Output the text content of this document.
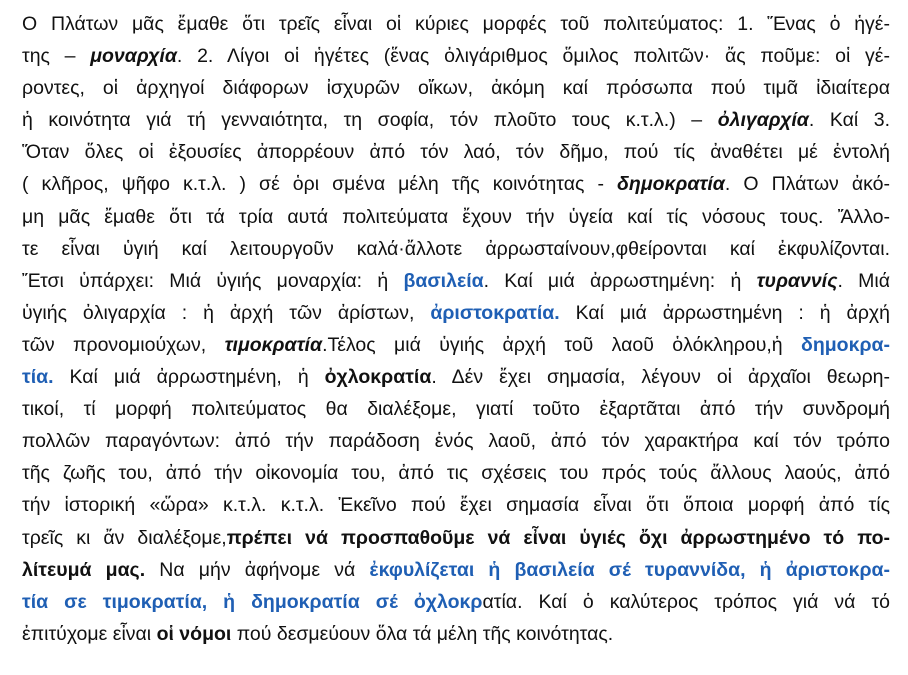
Ο Πλάτων μᾶς ἔμαθε ὅτι τρεῖς εἶναι οἱ κύριες μορφές τοῦ πολιτεύματος: 1. Ἕνας ὁ ἡγέ-
της – μοναρχία. 2. Λίγοι οἱ ἡγέτες (ἕνας ὀλιγάριθμος ὅμιλος πολιτῶν· ἄς ποῦμε: οἱ γέ-
ροντες, οἱ ἀρχηγοί διάφορων ἰσχυρῶν οἴκων, ἀκόμη καί πρόσωπα πού τιμᾶ ἰδιαίτερα
ἡ κοινότητα γιά τή γενναιότητα, τη σοφία, τόν πλοῦτο τους κ.τ.λ.) – ὀλιγαρχία. Καί 3.
Ὅταν ὅλες οἱ ἐξουσίες ἀπορρέουν ἀπό τόν λαό, τόν δῆμο, πού τίς ἀναθέτει μέ ἐντολή
( κλῆρος, ψῆφο κ.τ.λ. ) σέ ὁρι σμένα μέλη τῆς κοινότητας - δημοκρατία. Ο Πλάτων ἀκό-
μη μᾶς ἔμαθε ὅτι τά τρία αυτά πολιτεύματα ἔχουν τήν ὑγεία καί τίς νόσους τους. Ἄλλο-
τε εἶναι ὑγιή καί λειτουργοῦν καλά·ἄλλοτε ἀρρωσταίνουν,φθείρονται καί ἐκφυλίζονται.
Ἔτσι ὑπάρχει: Μιά ὑγιής μοναρχία: ἡ βασιλεία. Καί μιά ἀρρωστημένη: ἡ τυραννίς. Μιά
ὑγιής ὀλιγαρχία : ἡ ἀρχή τῶν ἀρίστων, ἀριστοκρατία. Καί μιά ἀρρωστημένη : ἡ ἀρχή
τῶν προνομιούχων, τιμοκρατία.Τέλος μιά ὑγιής ἀρχή τοῦ λαοῦ ὁλόκληρου,ἡ δημοκρα-
τία. Καί μιά ἀρρωστημένη, ἡ ὀχλοκρατία. Δέν ἔχει σημασία, λέγουν οἱ ἀρχαῖοι θεωρη-
τικοί, τί μορφή πολιτεύματος θα διαλέξομε, γιατί τοῦτο ἐξαρτᾶται ἀπό τήν συνδρομή
πολλῶν παραγόντων: ἀπό τήν παράδοση ἑνός λαοῦ, ἀπό τόν χαρακτήρα καί τόν τρόπο
τῆς ζωῆς του, ἀπό τήν οἰκονομία του, ἀπό τις σχέσεις του πρός τούς ἄλλους λαούς, ἀπό
τήν ἱστορική «ὥρα» κ.τ.λ. κ.τ.λ. Ἐκεῖνο πού ἔχει σημασία εἶναι ὅτι ὅποια μορφή ἀπό τίς
τρεῖς κι ἄν διαλέξομε,πρέπει νά προσπαθοῦμε νά εἶναι ὑγιές ὄχι ἀρρωστημένο τό πο-
λίτευμά μας. Να μήν ἀφήνομε νά ἐκφυλίζεται ἡ βασιλεία σέ τυραννίδα, ἡ ἀριστοκρα-
τία σε τιμοκρατία, ἡ δημοκρατία σέ ὀχλοκρατία. Καί ὁ καλύτερος τρόπος γιά νά τό
ἐπιτύχομε εἶναι οἱ νόμοι πού δεσμεύουν ὅλα τά μέλη τῆς κοινότητας.
